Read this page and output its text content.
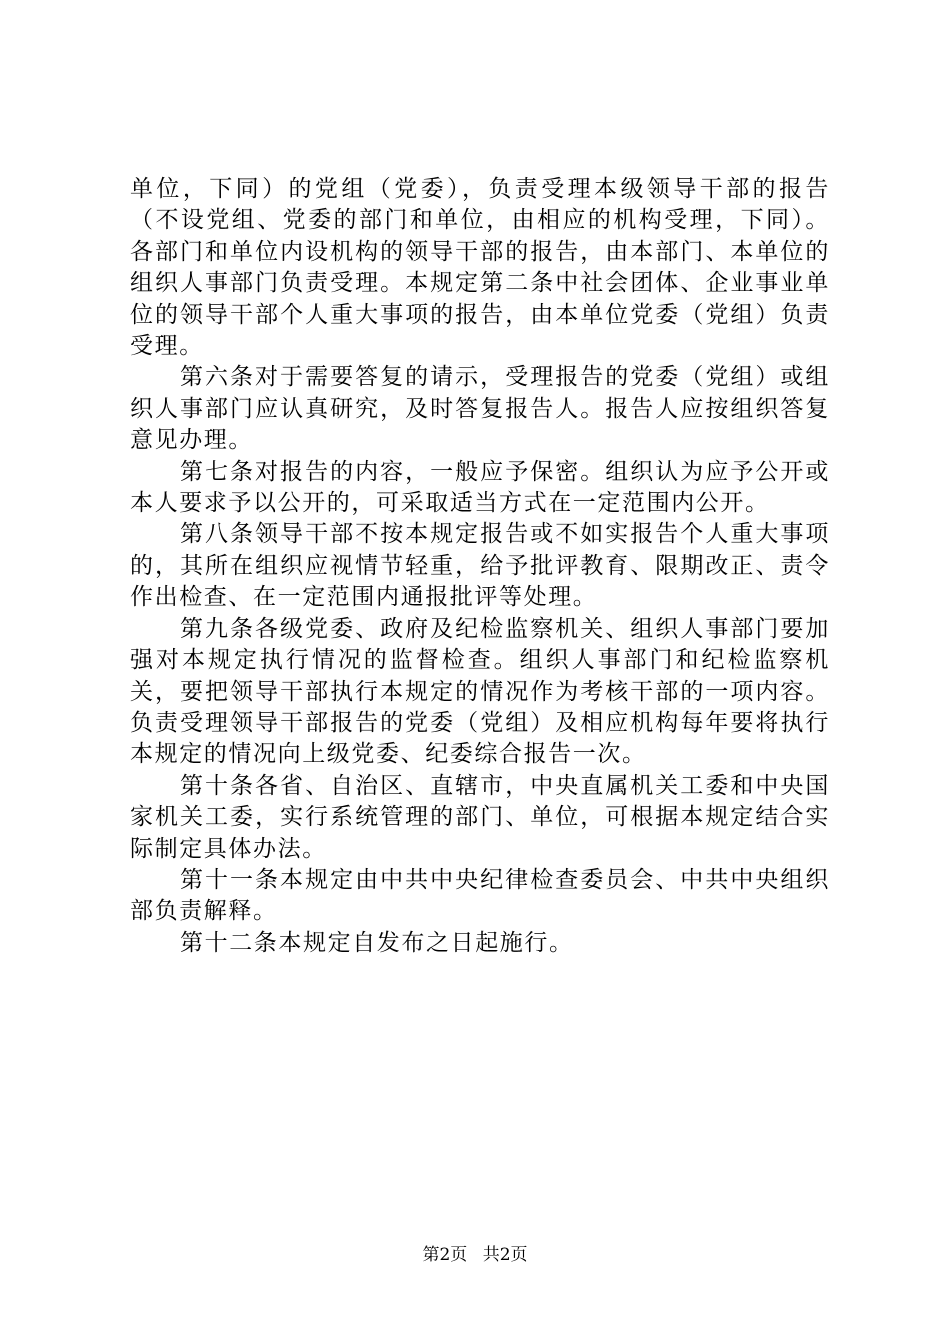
单位，下同）的党组（党委），负责受理本级领导干部的报告（不设党组、党委的部门和单位，由相应的机构受理，下同）。各部门和单位内设机构的领导干部的报告，由本部门、本单位的组织人事部门负责受理。本规定第二条中社会团体、企业事业单位的领导干部个人重大事项的报告，由本单位党委（党组）负责受理。

第六条对于需要答复的请示，受理报告的党委（党组）或组织人事部门应认真研究，及时答复报告人。报告人应按组织答复意见办理。

第七条对报告的内容，一般应予保密。组织认为应予公开或本人要求予以公开的，可采取适当方式在一定范围内公开。

第八条领导干部不按本规定报告或不如实报告个人重大事项的，其所在组织应视情节轻重，给予批评教育、限期改正、责令作出检查、在一定范围内通报批评等处理。

第九条各级党委、政府及纪检监察机关、组织人事部门要加强对本规定执行情况的监督检查。组织人事部门和纪检监察机关，要把领导干部执行本规定的情况作为考核干部的一项内容。负责受理领导干部报告的党委（党组）及相应机构每年要将执行本规定的情况向上级党委、纪委综合报告一次。

第十条各省、自治区、直辖市，中央直属机关工委和中央国家机关工委，实行系统管理的部门、单位，可根据本规定结合实际制定具体办法。

第十一条本规定由中共中央纪律检查委员会、中共中央组织部负责解释。

第十二条本规定自发布之日起施行。

第2页 共2页
